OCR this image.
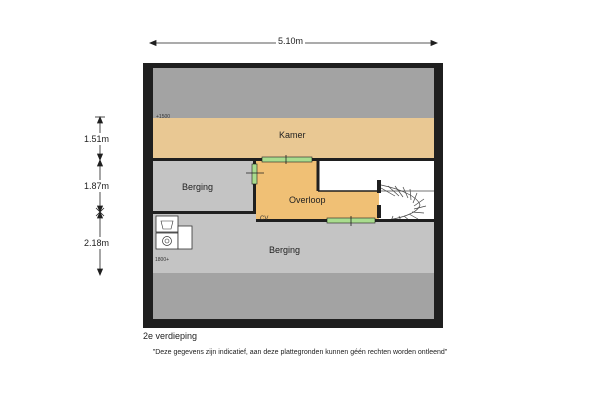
5.10m
1.51m
1.87m
2.18m
+1500
1800+
CV
Kamer
Berging
Overloop
Berging
2e verdieping
"Deze gegevens zijn indicatief, aan deze plattegronden kunnen géén rechten worden ontleend"
